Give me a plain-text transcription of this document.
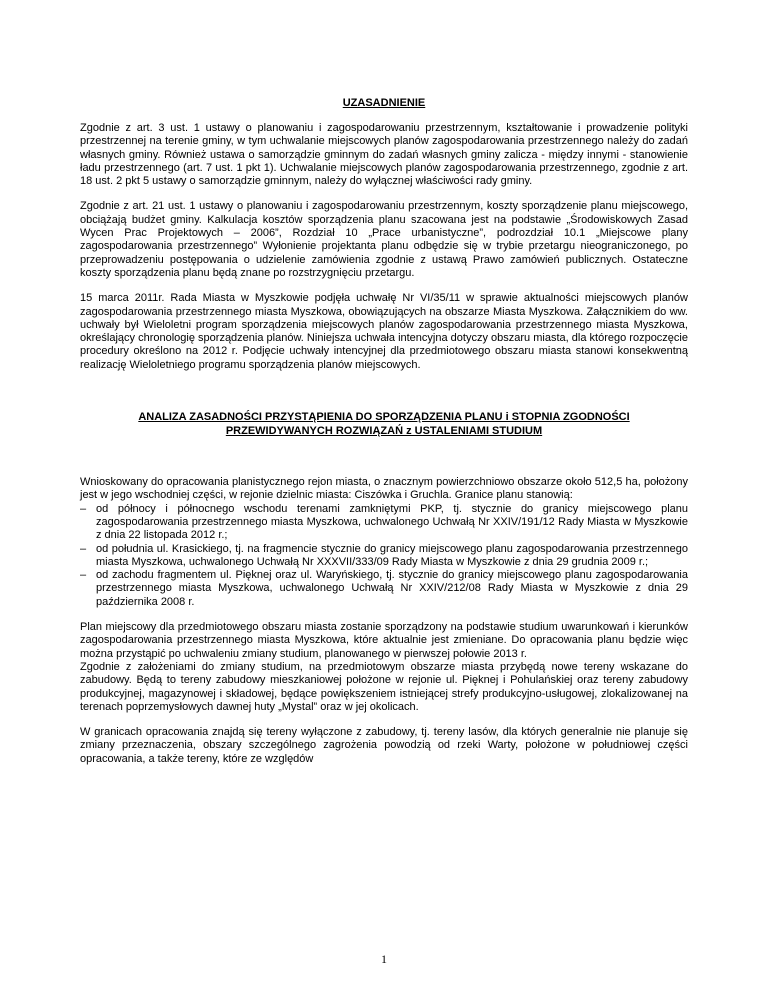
UZASADNIENIE

Zgodnie z art. 3 ust. 1 ustawy o planowaniu i zagospodarowaniu przestrzennym, kształtowanie i prowadzenie polityki przestrzennej na terenie gminy, w tym uchwalanie miejscowych planów zagospodarowania przestrzennego należy do zadań własnych gminy. Również ustawa o samorządzie gminnym do zadań własnych gminy zalicza - między innymi - stanowienie ładu przestrzennego (art. 7 ust. 1 pkt 1). Uchwalanie miejscowych planów zagospodarowania przestrzennego, zgodnie z art. 18 ust. 2 pkt 5 ustawy o samorządzie gminnym, należy do wyłącznej właściwości rady gminy.

Zgodnie z art. 21 ust. 1 ustawy o planowaniu i zagospodarowaniu przestrzennym, koszty sporządzenie planu miejscowego, obciążają budżet gminy. Kalkulacja kosztów sporządzenia planu szacowana jest na podstawie „Środowiskowych Zasad Wycen Prac Projektowych – 2006”, Rozdział 10 „Prace urbanistyczne”, podrozdział 10.1 „Miejscowe plany zagospodarowania przestrzennego” Wyłonienie projektanta planu odbędzie się w trybie przetargu nieograniczonego, po przeprowadzeniu postępowania o udzielenie zamówienia zgodnie z ustawą Prawo zamówień publicznych. Ostateczne koszty sporządzenia planu będą znane po rozstrzygnięciu przetargu.

15 marca 2011r. Rada Miasta w Myszkowie podjęła uchwałę Nr VI/35/11 w sprawie aktualności miejscowych planów zagospodarowania przestrzennego miasta Myszkowa, obowiązujących na obszarze Miasta Myszkowa. Załącznikiem do ww. uchwały był Wieloletni program sporządzenia miejscowych planów zagospodarowania przestrzennego miasta Myszkowa, określający chronologię sporządzenia planów. Niniejsza uchwała intencyjna dotyczy obszaru miasta, dla którego rozpoczęcie procedury określono na 2012 r. Podjęcie uchwały intencyjnej dla przedmiotowego obszaru miasta stanowi konsekwentną realizację Wieloletniego programu sporządzenia planów miejscowych.

ANALIZA ZASADNOŚCI PRZYSTĄPIENIA DO SPORZĄDZENIA PLANU i STOPNIA ZGODNOŚCI

PRZEWIDYWANYCH ROZWIĄZAŃ z USTALENIAMI STUDIUM

Wnioskowany do opracowania planistycznego rejon miasta, o znacznym powierzchniowo obszarze około 512,5 ha, położony jest w jego wschodniej części, w rejonie dzielnic miasta: Ciszówka i Gruchla. Granice planu stanowią:

– od północy i północnego wschodu terenami zamkniętymi PKP, tj. stycznie do granicy miejscowego planu zagospodarowania przestrzennego miasta Myszkowa, uchwalonego Uchwałą Nr XXIV/191/12 Rady Miasta w Myszkowie z dnia 22 listopada 2012 r.;
– od południa ul. Krasickiego, tj. na fragmencie stycznie do granicy miejscowego planu zagospodarowania przestrzennego miasta Myszkowa, uchwalonego Uchwałą Nr XXXVII/333/09 Rady Miasta w Myszkowie z dnia 29 grudnia 2009 r.;
– od zachodu fragmentem ul. Pięknej oraz ul. Waryńskiego, tj. stycznie do granicy miejscowego planu zagospodarowania przestrzennego miasta Myszkowa, uchwalonego Uchwałą Nr XXIV/212/08 Rady Miasta w Myszkowie z dnia 29 października 2008 r.

Plan miejscowy dla przedmiotowego obszaru miasta zostanie sporządzony na podstawie studium uwarunkowań i kierunków zagospodarowania przestrzennego miasta Myszkowa, które aktualnie jest zmieniane. Do opracowania planu będzie więc można przystąpić po uchwaleniu zmiany studium, planowanego w pierwszej połowie 2013 r.

Zgodnie z założeniami do zmiany studium, na przedmiotowym obszarze miasta przybędą nowe tereny wskazane do zabudowy. Będą to tereny zabudowy mieszkaniowej położone w rejonie ul. Pięknej i Pohulańskiej oraz tereny zabudowy produkcyjnej, magazynowej i składowej, będące powiększeniem istniejącej strefy produkcyjno-usługowej, zlokalizowanej na terenach poprzemysłowych dawnej huty „Mystal” oraz w jej okolicach.

W granicach opracowania znajdą się tereny wyłączone z zabudowy, tj. tereny lasów, dla których generalnie nie planuje się zmiany przeznaczenia, obszary szczególnego zagrożenia powodzią od rzeki Warty, położone w południowej części opracowania, a także tereny, które ze względów

1
